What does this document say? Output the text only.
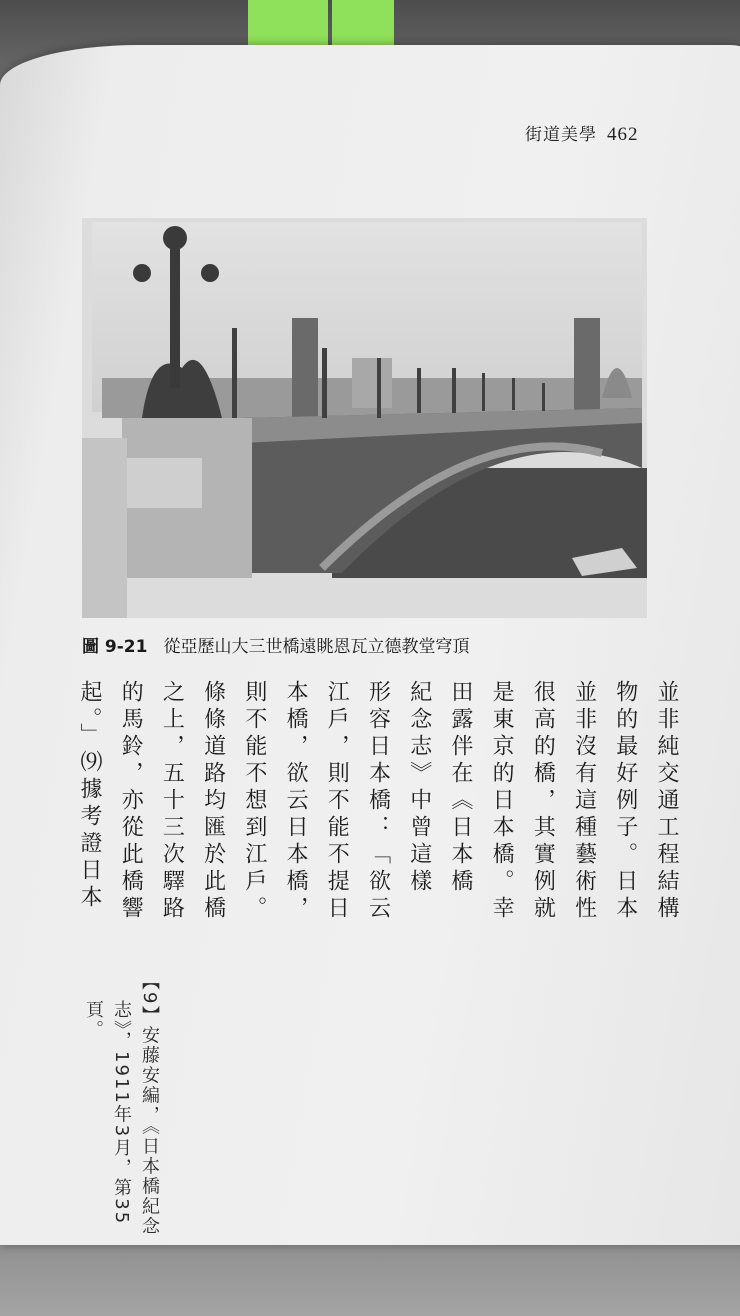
街道美學 462
圖 9-21 從亞歷山大三世橋遠眺恩瓦立德教堂穹頂
並非純交通工程結構
物的最好例子。日本
並非沒有這種藝術性
很高的橋，其實例就
是東京的日本橋。幸
田露伴在《日本橋
紀念志》中曾這樣
形容日本橋：「欲云
江戶，則不能不提日
本橋，欲云日本橋，
則不能不想到江戶。
條條道路均匯於此橋
之上，五十三次驛路
的馬鈴，亦從此橋響
起。」⑼據考證日本
【9】安藤安編，《日本橋紀念
志》，1911年3月，第35
頁。
